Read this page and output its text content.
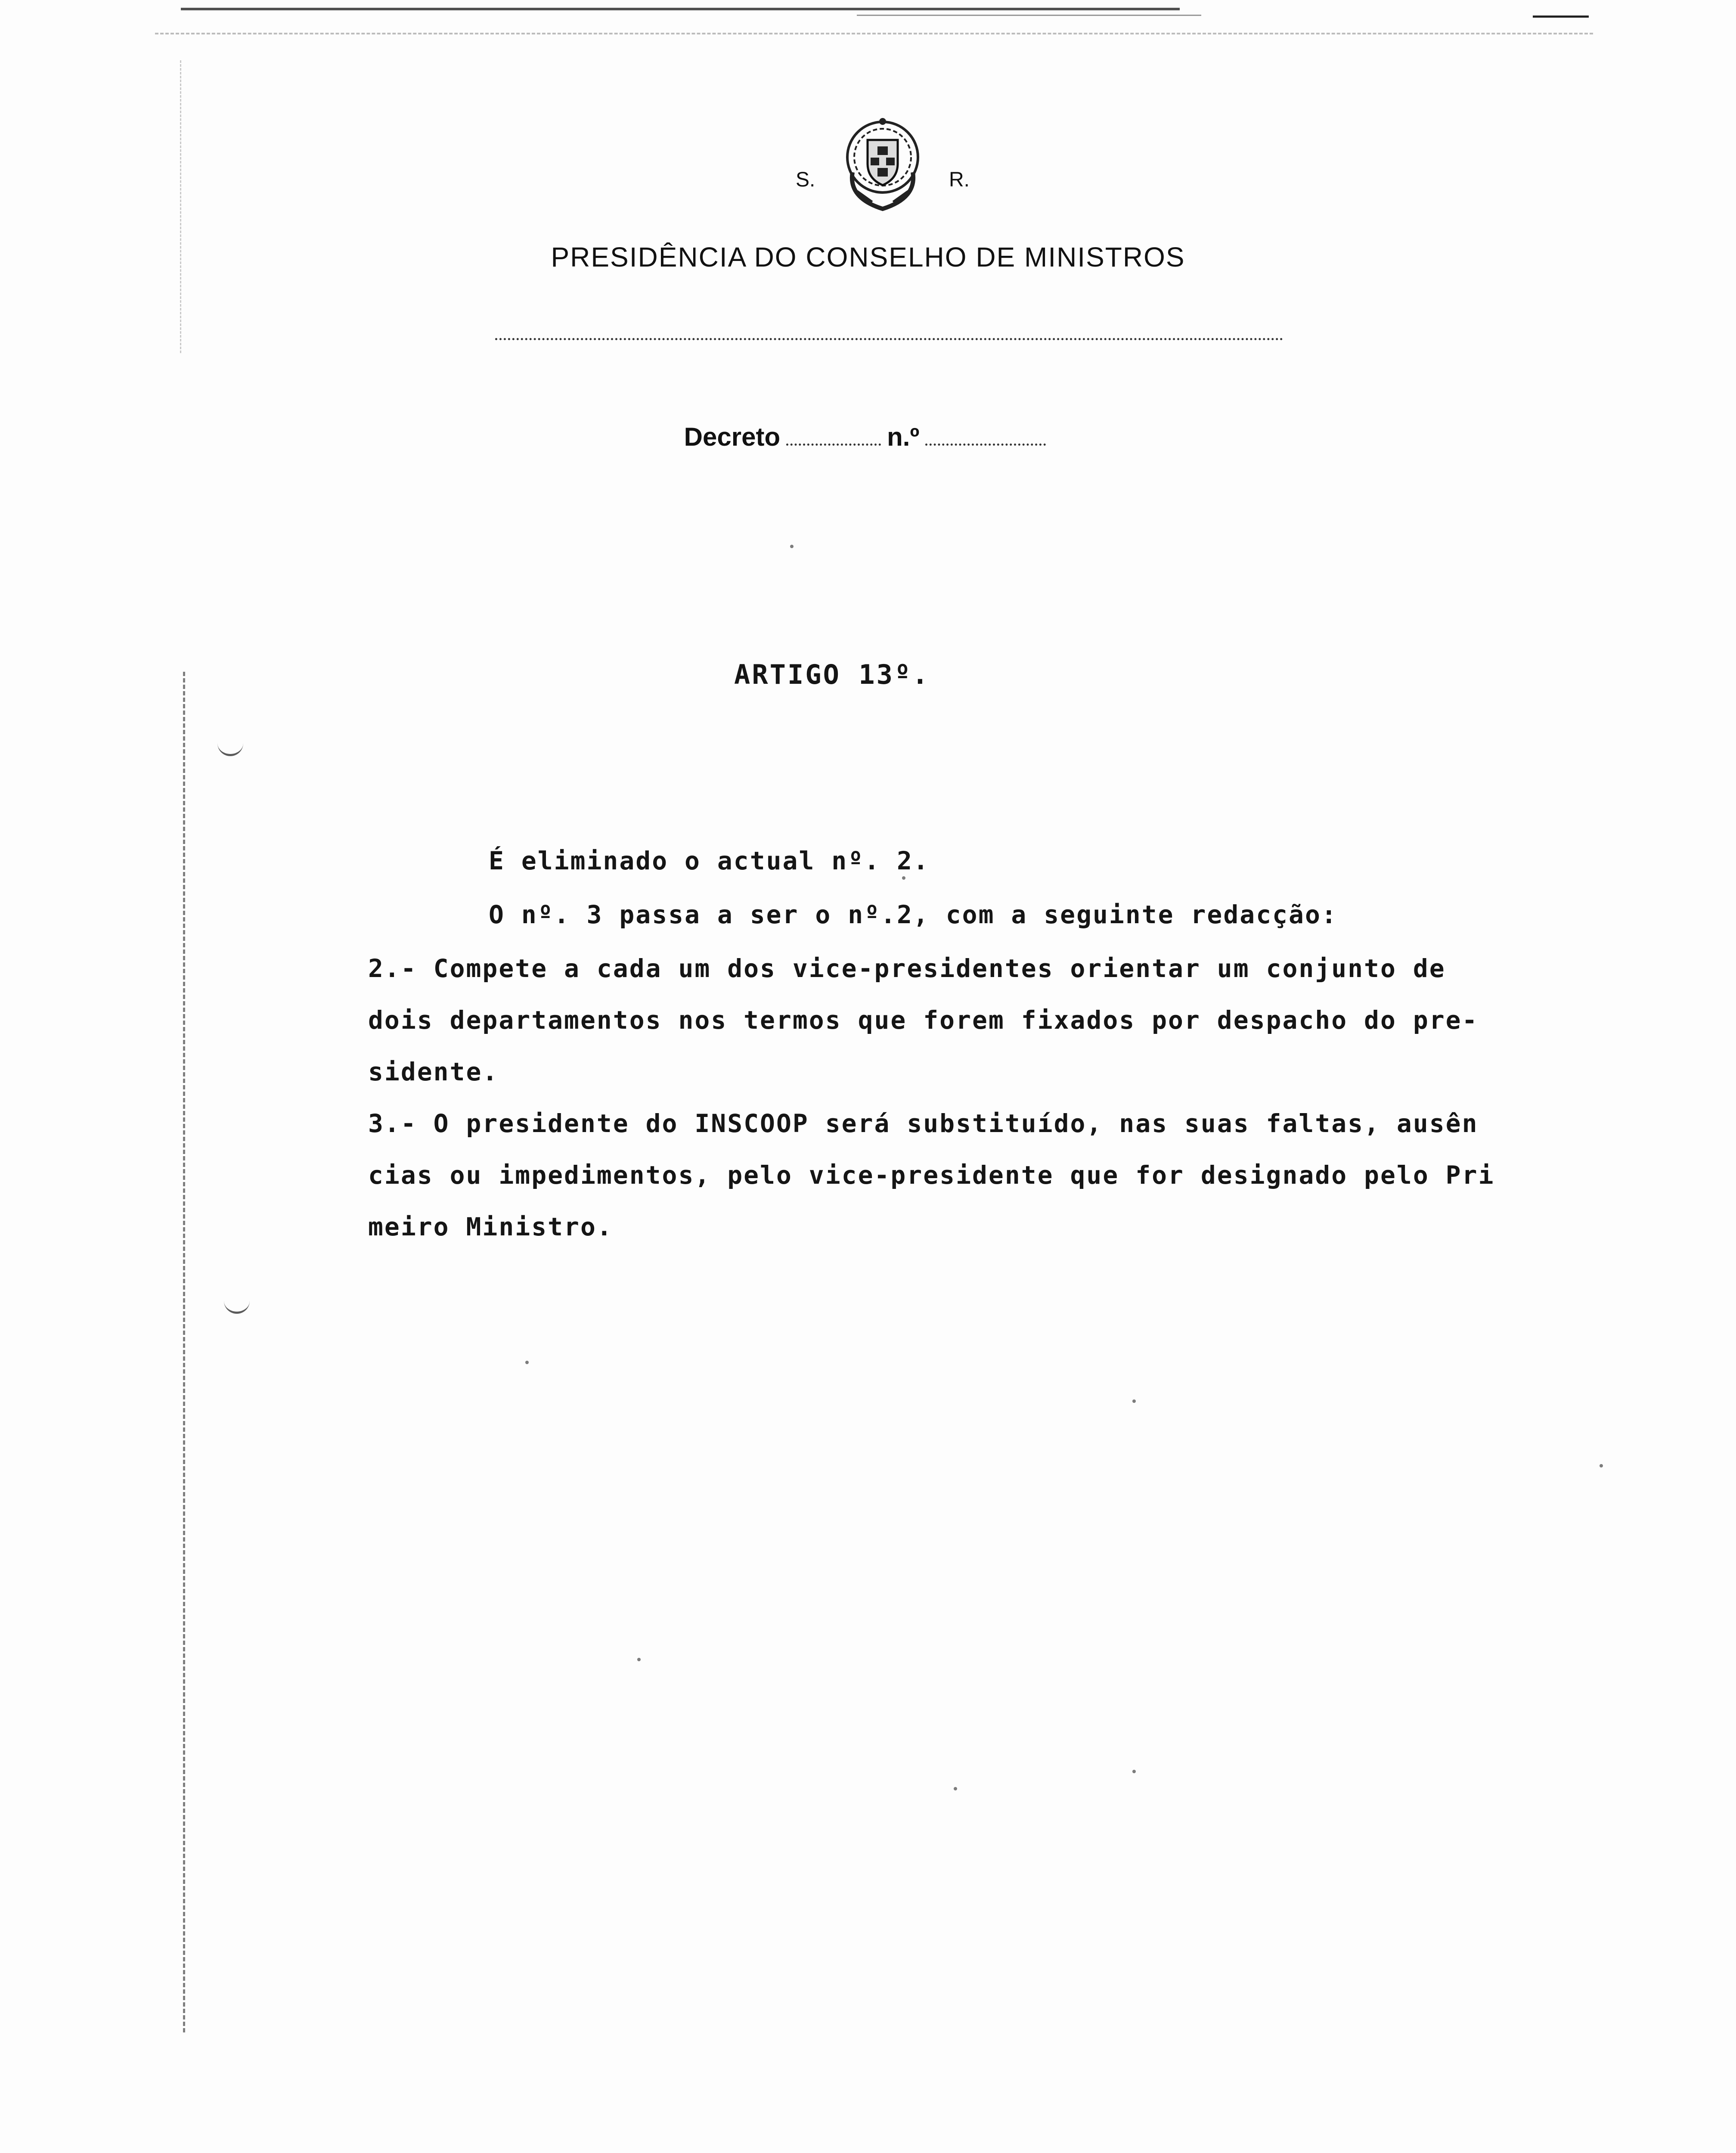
S.	R.
PRESIDÊNCIA DO CONSELHO DE MINISTROS
Decreto	n.º
ARTIGO 13º.
É eliminado o actual nº. 2.
O nº. 3 passa a ser o nº.2, com a seguinte redacção:
2.- Compete a cada um dos vice-presidentes orientar um conjunto de
dois departamentos nos termos que forem fixados por despacho do pre-
sidente.
3.- O presidente do INSCOOP será substituído, nas suas faltas, ausên
cias ou impedimentos, pelo vice-presidente que for designado pelo Pri
meiro Ministro.
